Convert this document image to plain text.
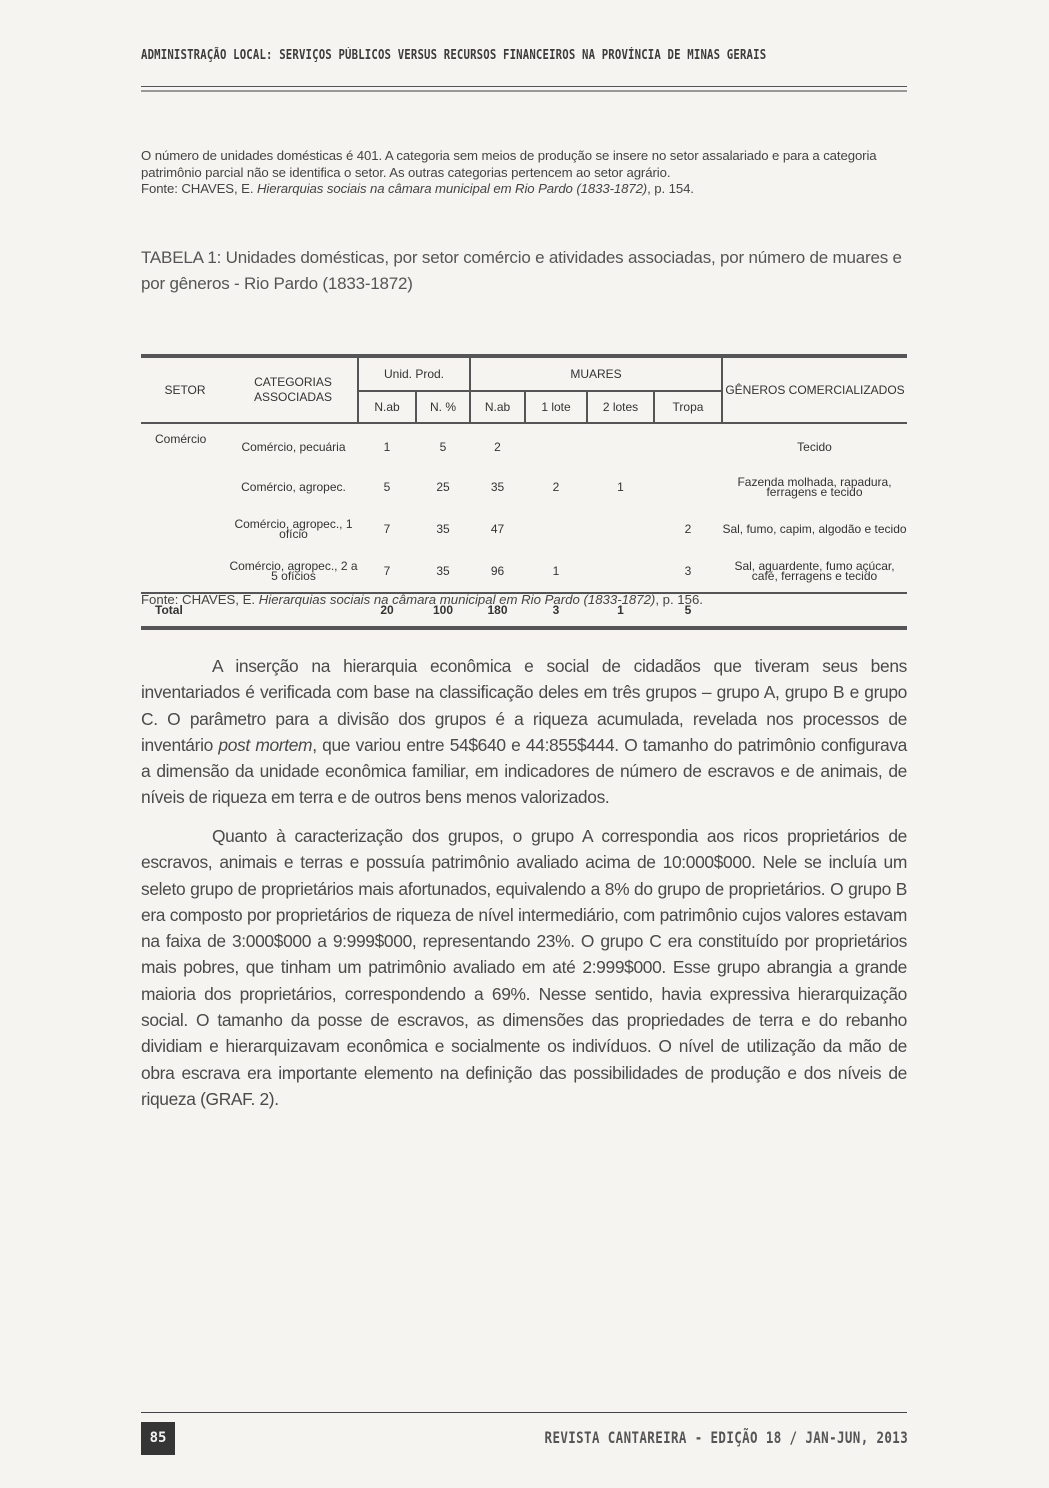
ADMINISTRAÇÃO LOCAL: SERVIÇOS PÚBLICOS VERSUS RECURSOS FINANCEIROS NA PROVÍNCIA DE MINAS GERAIS
O número de unidades domésticas é 401. A categoria sem meios de produção se insere no setor assalariado e para a categoria patrimônio parcial não se identifica o setor. As outras categorias pertencem ao setor agrário.
Fonte: CHAVES, E. Hierarquias sociais na câmara municipal em Rio Pardo (1833-1872), p. 154.
TABELA 1: Unidades domésticas, por setor comércio e atividades associadas, por número de muares e por gêneros - Rio Pardo (1833-1872)
SETOR	CATEGORIAS ASSOCIADAS	Unid. Prod.		MUARES				GÊNEROS COMERCIALIZADOS
		N.ab	N. %	N.ab	1 lote	2 lotes	Tropa	
Comércio	Comércio, pecuária	1	5	2				Tecido
	Comércio, agropec.	5	25	35	2	1		Fazenda molhada, rapadura, ferragens e tecido
	Comércio, agropec., 1 ofício	7	35	47			2	Sal, fumo, capim, algodão e tecido
	Comércio, agropec., 2 a 5 ofícios	7	35	96	1		3	Sal, aguardente, fumo açúcar, café, ferragens e tecido
Total		20	100	180	3	1	5	
Fonte: CHAVES, E. Hierarquias sociais na câmara municipal em Rio Pardo (1833-1872), p. 156.

A inserção na hierarquia econômica e social de cidadãos que tiveram seus bens inventariados é verificada com base na classificação deles em três grupos – grupo A, grupo B e grupo C. O parâmetro para a divisão dos grupos é a riqueza acumulada, revelada nos processos de inventário post mortem, que variou entre 54$640 e 44:855$444. O tamanho do patrimônio configurava a dimensão da unidade econômica familiar, em indicadores de número de escravos e de animais, de níveis de riqueza em terra e de outros bens menos valorizados.

Quanto à caracterização dos grupos, o grupo A correspondia aos ricos proprietários de escravos, animais e terras e possuía patrimônio avaliado acima de 10:000$000. Nele se incluía um seleto grupo de proprietários mais afortunados, equivalendo a 8% do grupo de proprietários. O grupo B era composto por proprietários de riqueza de nível intermediário, com patrimônio cujos valores estavam na faixa de 3:000$000 a 9:999$000, representando 23%. O grupo C era constituído por proprietários mais pobres, que tinham um patrimônio avaliado em até 2:999$000. Esse grupo abrangia a grande maioria dos proprietários, correspondendo a 69%. Nesse sentido, havia expressiva hierarquização social. O tamanho da posse de escravos, as dimensões das propriedades de terra e do rebanho dividiam e hierarquizavam econômica e socialmente os indivíduos. O nível de utilização da mão de obra escrava era importante elemento na definição das possibilidades de produção e dos níveis de riqueza (GRAF. 2).

85	REVISTA CANTAREIRA - EDIÇÃO 18 / JAN-JUN, 2013
